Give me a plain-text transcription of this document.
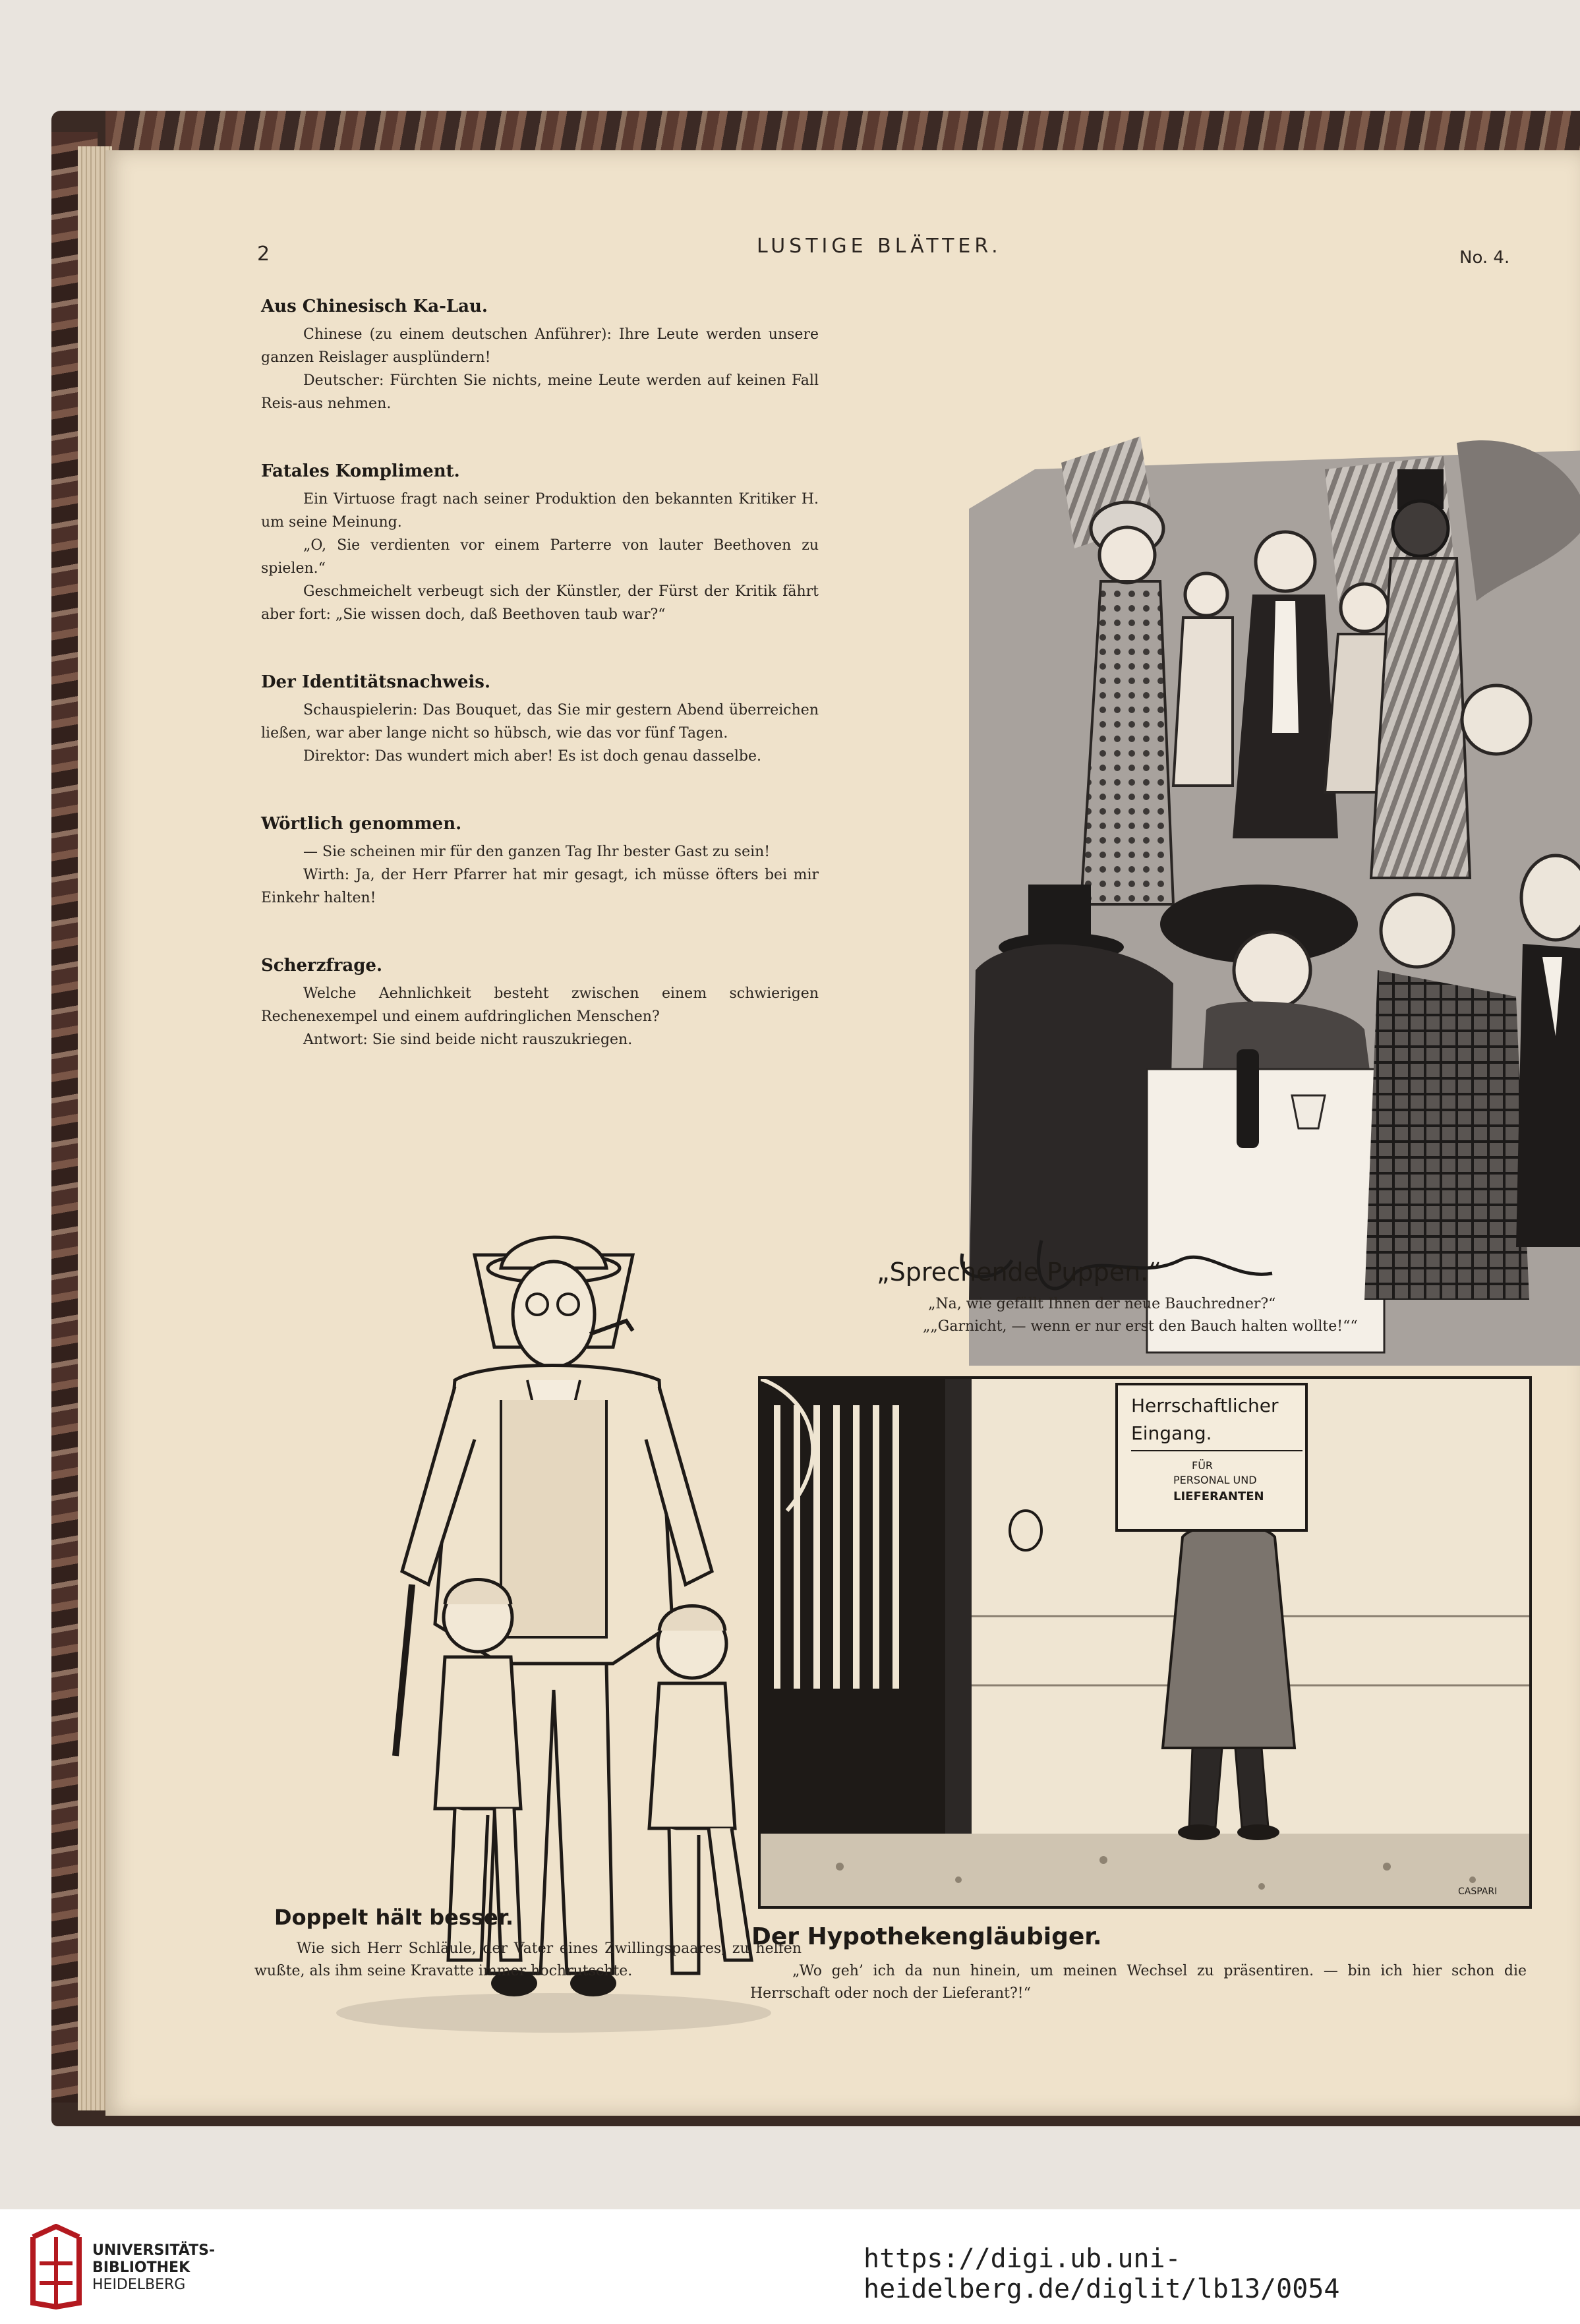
2	LUSTIGE BLÄTTER.	No. 4.
Aus Chinesisch Ka-Lau.

Chinese (zu einem deutschen Anführer): Ihre Leute werden unsere ganzen Reislager ausplündern!

Deutscher: Fürchten Sie nichts, meine Leute werden auf keinen Fall Reis-aus nehmen.

Fatales Kompliment.

Ein Virtuose fragt nach seiner Produktion den bekannten Kritiker H. um seine Meinung.

„O, Sie verdienten vor einem Parterre von lauter Beethoven zu spielen.“

Geschmeichelt verbeugt sich der Künstler, der Fürst der Kritik fährt aber fort: „Sie wissen doch, daß Beethoven taub war?“

Der Identitätsnachweis.

Schauspielerin: Das Bouquet, das Sie mir gestern Abend überreichen ließen, war aber lange nicht so hübsch, wie das vor fünf Tagen.

Direktor: Das wundert mich aber! Es ist doch genau dasselbe.

Wörtlich genommen.

— Sie scheinen mir für den ganzen Tag Ihr bester Gast zu sein!

Wirth: Ja, der Herr Pfarrer hat mir gesagt, ich müsse öfters bei mir Einkehr halten!

Scherzfrage.

Welche Aehnlichkeit besteht zwischen einem schwierigen Rechenexempel und einem aufdringlichen Menschen?

Antwort: Sie sind beide nicht rauszukriegen.

„Sprechende Puppen.“
„Na, wie gefällt Ihnen der neue Bauchredner?“
„„Garnicht, — wenn er nur erst den Bauch halten wollte!““
Doppelt hält besser.

Wie sich Herr Schläule, der Vater eines Zwillingspaares, zu helfen wußte, als ihm seine Kravatte immer hochrutschte.

Herrschaftlicher
Eingang.
FÜR
PERSONAL UND
LIEFERANTEN
CASPARI
Der Hypothekengläubiger.

„Wo geh’ ich da nun hinein, um meinen Wechsel zu präsentiren. — bin ich hier schon die Herrschaft oder noch der Lieferant?!“

UNIVERSITÄTS-
BIBLIOTHEK
HEIDELBERG
https://digi.ub.uni-heidelberg.de/diglit/lb13/0054
